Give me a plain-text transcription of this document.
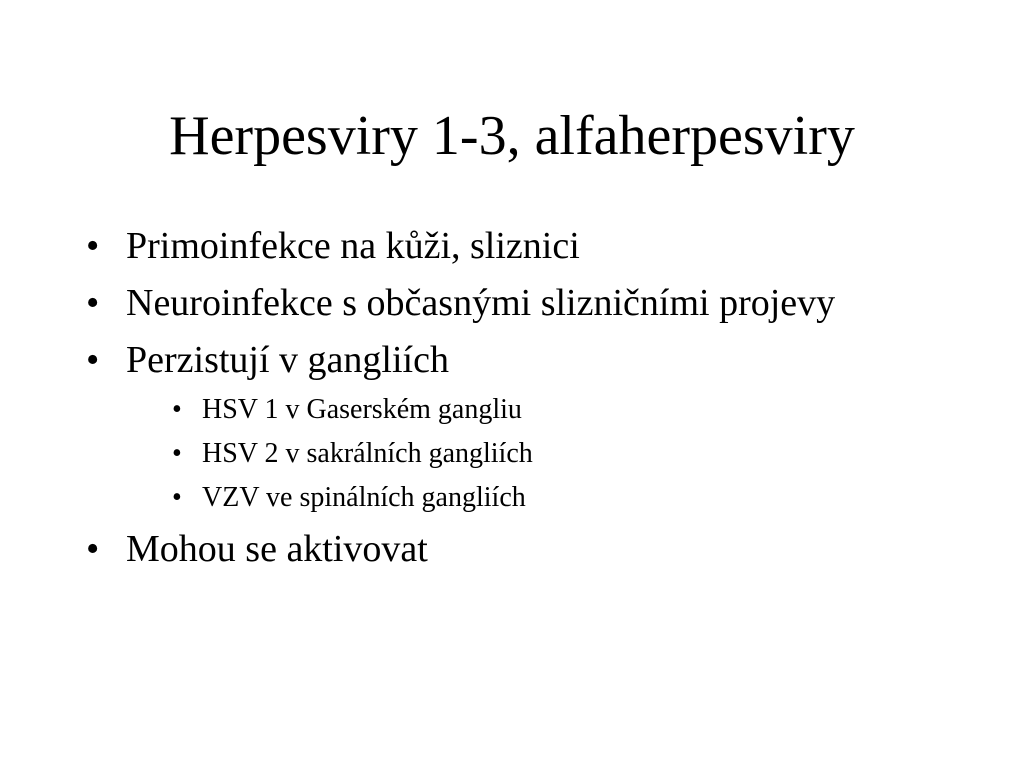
Herpesviry 1-3, alfaherpesviry
• Primoinfekce na kůži, sliznici
• Neuroinfekce s občasnými slizničními projevy
• Perzistují v gangliích
• HSV 1 v Gaserském gangliu
• HSV 2 v sakrálních gangliích
• VZV ve spinálních gangliích
• Mohou se aktivovat
